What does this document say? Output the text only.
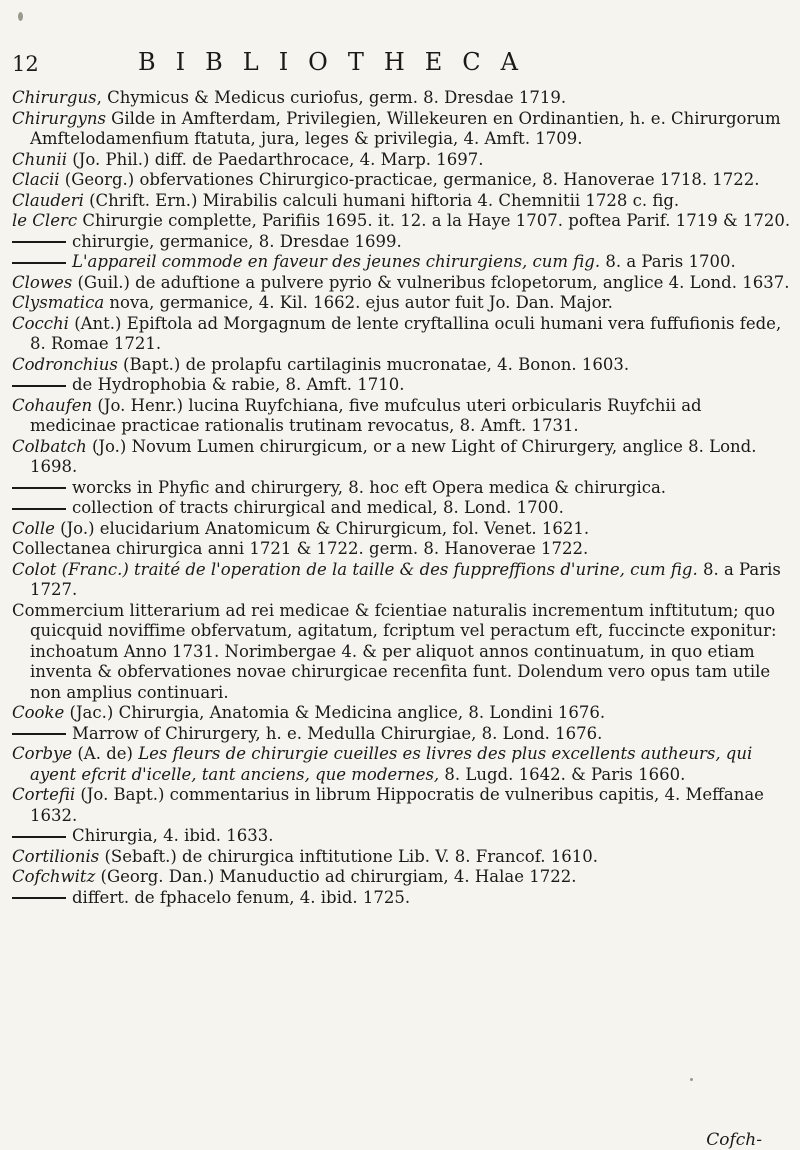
12	BIBLIOTHECA

Chirurgus, Chymicus & Medicus curiofus, germ. 8. Dresdae 1719.

Chirurgyns Gilde in Amfterdam, Privilegien, Willekeuren en Ordinantien, h. e. Chirurgorum Amftelodamenfium ftatuta, jura, leges & privilegia, 4. Amft. 1709.

Chunii (Jo. Phil.) diff. de Paedarthrocace, 4. Marp. 1697.

Clacii (Georg.) obfervationes Chirurgico-practicae, germanice, 8. Hanoverae 1718. 1722.

Clauderi (Chrift. Ern.) Mirabilis calculi humani hiftoria 4. Chemnitii 1728 c. fig.

le Clerc Chirurgie complette, Parifiis 1695. it. 12. a la Haye 1707. poftea Parif. 1719 & 1720.

chirurgie, germanice, 8. Dresdae 1699.

L'appareil commode en faveur des jeunes chirurgiens, cum fig. 8. a Paris 1700.

Clowes (Guil.) de aduftione a pulvere pyrio & vulneribus fclopetorum, anglice 4. Lond. 1637.

Clysmatica nova, germanice, 4. Kil. 1662. ejus autor fuit Jo. Dan. Major.

Cocchi (Ant.) Epiftola ad Morgagnum de lente cryftallina oculi humani vera fuffufionis fede, 8. Romae 1721.

Codronchius (Bapt.) de prolapfu cartilaginis mucronatae, 4. Bonon. 1603.

de Hydrophobia & rabie, 8. Amft. 1710.

Cohaufen (Jo. Henr.) lucina Ruyfchiana, five mufculus uteri orbicularis Ruyfchii ad medicinae practicae rationalis trutinam revocatus, 8. Amft. 1731.

Colbatch (Jo.) Novum Lumen chirurgicum, or a new Light of Chirurgery, anglice 8. Lond. 1698.

worcks in Phyfic and chirurgery, 8. hoc eft Opera medica & chirurgica.

collection of tracts chirurgical and medical, 8. Lond. 1700.

Colle (Jo.) elucidarium Anatomicum & Chirurgicum, fol. Venet. 1621.

Collectanea chirurgica anni 1721 & 1722. germ. 8. Hanoverae 1722.

Colot (Franc.) traité de l'operation de la taille & des fuppreffions d'urine, cum fig. 8. a Paris 1727.

Commercium litterarium ad rei medicae & fcientiae naturalis incrementum inftitutum; quo quicquid noviffime obfervatum, agitatum, fcriptum vel peractum eft, fuccincte exponitur: inchoatum Anno 1731. Norimbergae 4. & per aliquot annos continuatum, in quo etiam inventa & obfervationes novae chirurgicae recenfita funt. Dolendum vero opus tam utile non amplius continuari.

Cooke (Jac.) Chirurgia, Anatomia & Medicina anglice, 8. Londini 1676.

Marrow of Chirurgery, h. e. Medulla Chirurgiae, 8. Lond. 1676.

Corbye (A. de) Les fleurs de chirurgie cueilles es livres des plus excellents autheurs, qui ayent efcrit d'icelle, tant anciens, que modernes, 8. Lugd. 1642. & Paris 1660.

Cortefii (Jo. Bapt.) commentarius in librum Hippocratis de vulneribus capitis, 4. Meffanae 1632.

Chirurgia, 4. ibid. 1633.

Cortilionis (Sebaft.) de chirurgica inftitutione Lib. V. 8. Francof. 1610.

Cofchwitz (Georg. Dan.) Manuductio ad chirurgiam, 4. Halae 1722.

differt. de fphacelo fenum, 4. ibid. 1725.

Cofch-
